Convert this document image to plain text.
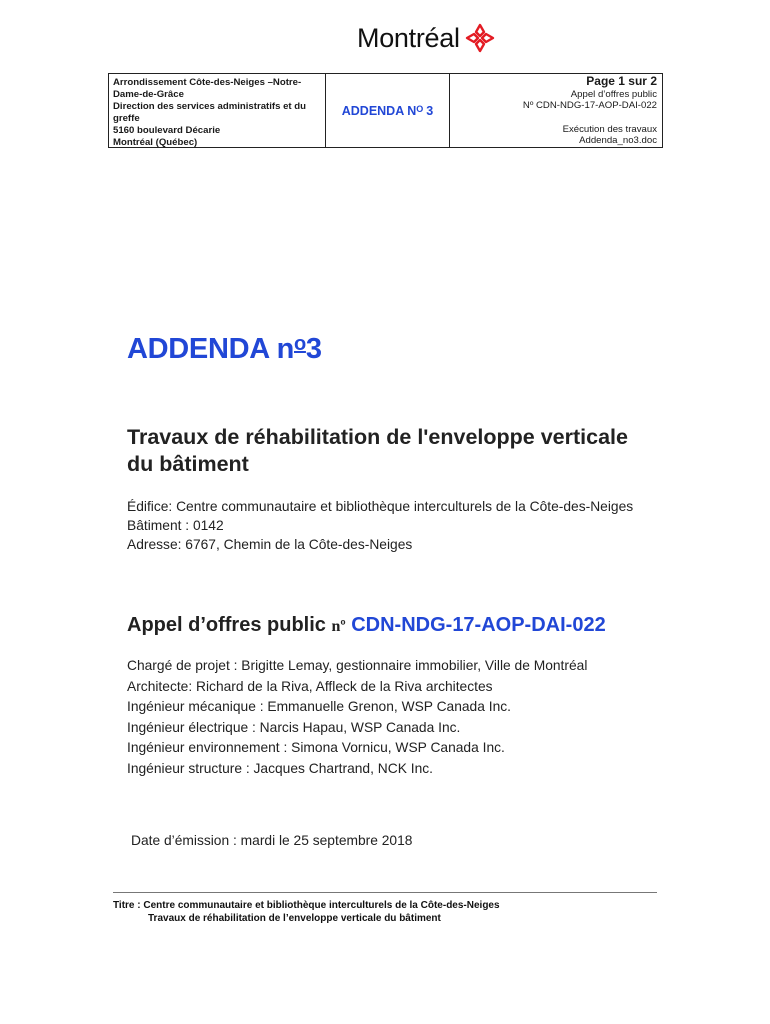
Montréal
Arrondissement Côte-des-Neiges –Notre-
Dame-de-Grâce
Direction des services administratifs et du
greffe
5160 boulevard Décarie
Montréal (Québec)
ADDENDA $N^O$ 3
Page 1 sur 2
Appel d’offres public
Nº CDN-NDG-17-AOP-DAI-022
Exécution des travaux
Addenda_no3.doc
ADDENDA $n^o3$
Travaux de réhabilitation de l'enveloppe verticale du bâtiment
Édifice: Centre communautaire et bibliothèque interculturels de la Côte-des-Neiges
Bâtiment : 0142
Adresse: 6767, Chemin de la Côte-des-Neiges
Appel d’offres public nº CDN-NDG-17-AOP-DAI-022
Chargé de projet : Brigitte Lemay, gestionnaire immobilier, Ville de Montréal
Architecte: Richard de la Riva, Affleck de la Riva architectes
Ingénieur mécanique : Emmanuelle Grenon, WSP Canada Inc.
Ingénieur électrique : Narcis Hapau, WSP Canada Inc.
Ingénieur environnement : Simona Vornicu, WSP Canada Inc.
Ingénieur structure : Jacques Chartrand, NCK Inc.
Date d’émission : mardi le 25 septembre 2018
Titre : Centre communautaire et bibliothèque interculturels de la Côte-des-Neiges
Travaux de réhabilitation de l’enveloppe verticale du bâtiment
